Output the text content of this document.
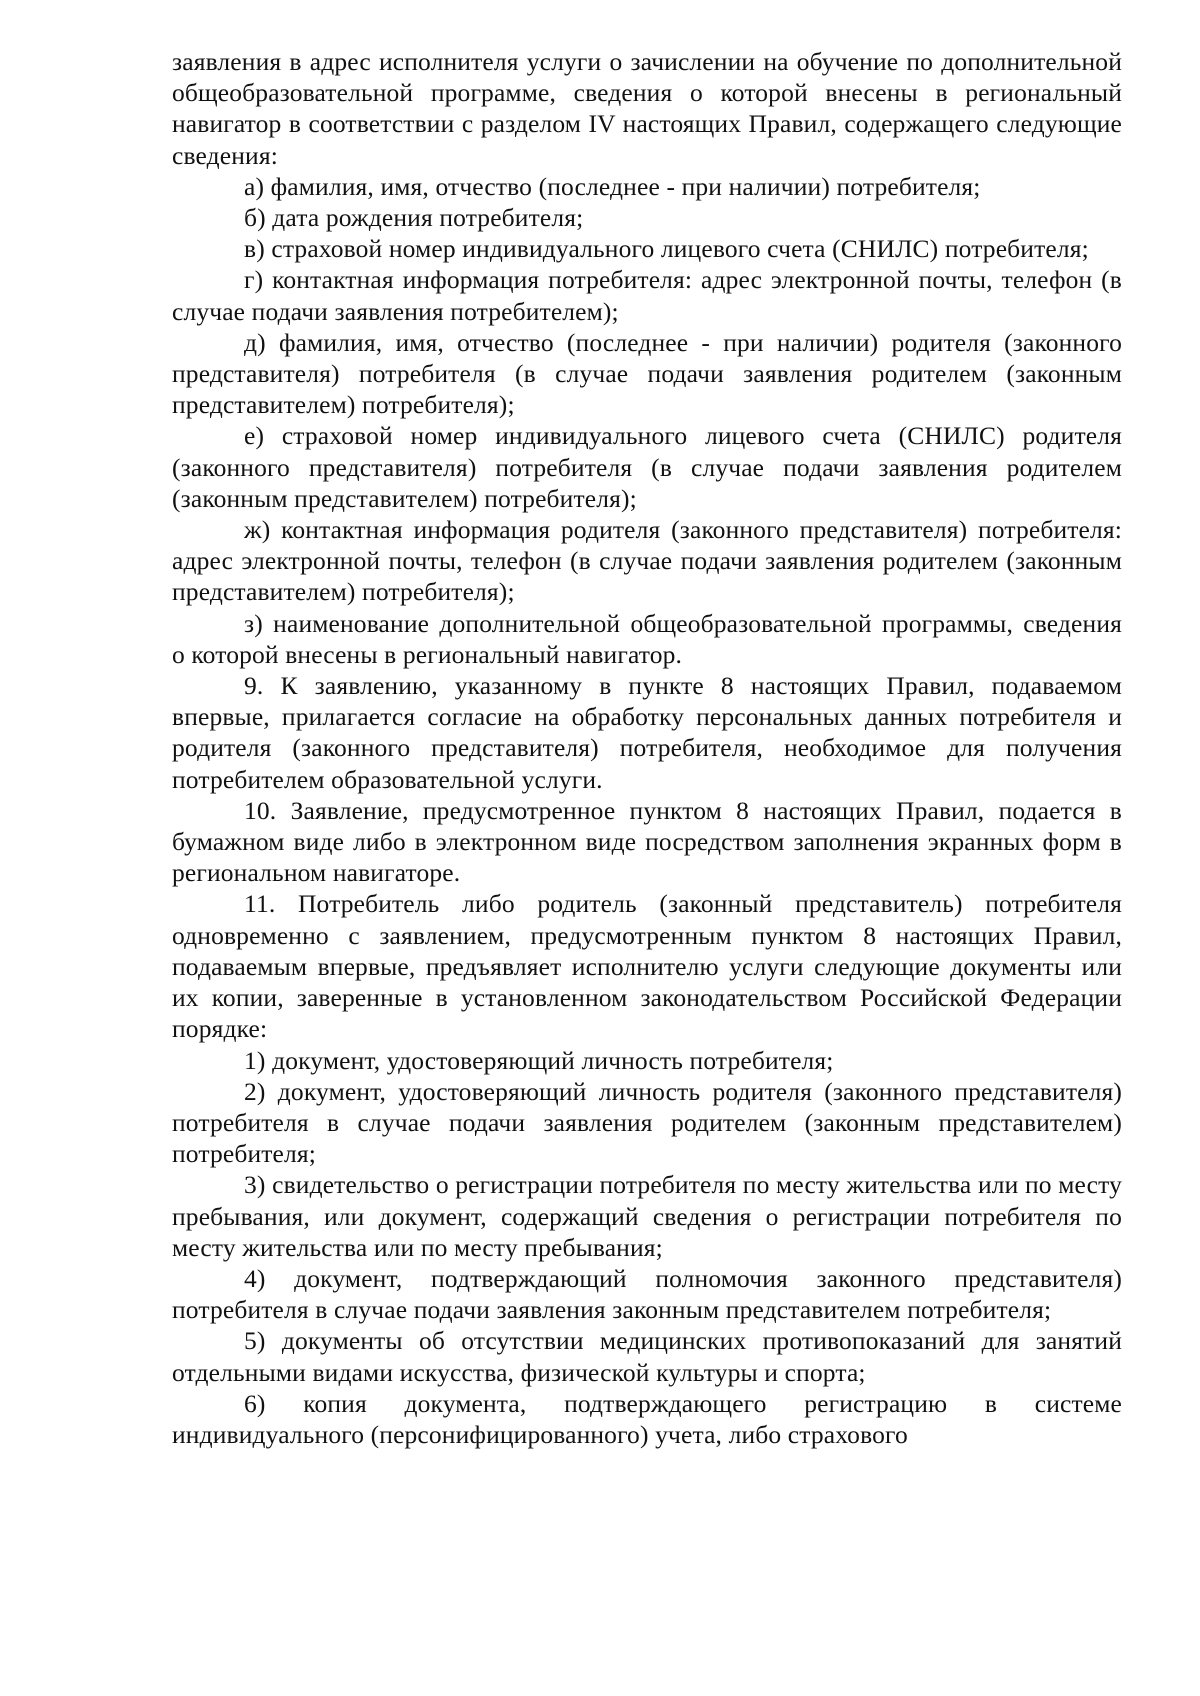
заявления в адрес исполнителя услуги о зачислении на обучение по дополнительной общеобразовательной программе, сведения о которой внесены в региональный навигатор в соответствии с разделом IV настоящих Правил, содержащего следующие сведения:

а) фамилия, имя, отчество (последнее - при наличии) потребителя;

б) дата рождения потребителя;

в) страховой номер индивидуального лицевого счета (СНИЛС) потребителя;

г) контактная информация потребителя: адрес электронной почты, телефон (в случае подачи заявления потребителем);

д) фамилия, имя, отчество (последнее - при наличии) родителя (законного представителя) потребителя (в случае подачи заявления родителем (законным представителем) потребителя);

е) страховой номер индивидуального лицевого счета (СНИЛС) родителя (законного представителя) потребителя (в случае подачи заявления родителем (законным представителем) потребителя);

ж) контактная информация родителя (законного представителя) потребителя: адрес электронной почты, телефон (в случае подачи заявления родителем (законным представителем) потребителя);

з) наименование дополнительной общеобразовательной программы, сведения о которой внесены в региональный навигатор.

9. К заявлению, указанному в пункте 8 настоящих Правил, подаваемом впервые, прилагается согласие на обработку персональных данных потребителя и родителя (законного представителя) потребителя, необходимое для получения потребителем образовательной услуги.

10. Заявление, предусмотренное пунктом 8 настоящих Правил, подается в бумажном виде либо в электронном виде посредством заполнения экранных форм в региональном навигаторе.

11. Потребитель либо родитель (законный представитель) потребителя одновременно с заявлением, предусмотренным пунктом 8 настоящих Правил, подаваемым впервые, предъявляет исполнителю услуги следующие документы или их копии, заверенные в установленном законодательством Российской Федерации порядке:

1) документ, удостоверяющий личность потребителя;

2) документ, удостоверяющий личность родителя (законного представителя) потребителя в случае подачи заявления родителем (законным представителем) потребителя;

3) свидетельство о регистрации потребителя по месту жительства или по месту пребывания, или документ, содержащий сведения о регистрации потребителя по месту жительства или по месту пребывания;

4) документ, подтверждающий полномочия законного представителя) потребителя в случае подачи заявления законным представителем потребителя;

5) документы об отсутствии медицинских противопоказаний для занятий отдельными видами искусства, физической культуры и спорта;

6) копия документа, подтверждающего регистрацию в системе индивидуального (персонифицированного) учета, либо страхового
